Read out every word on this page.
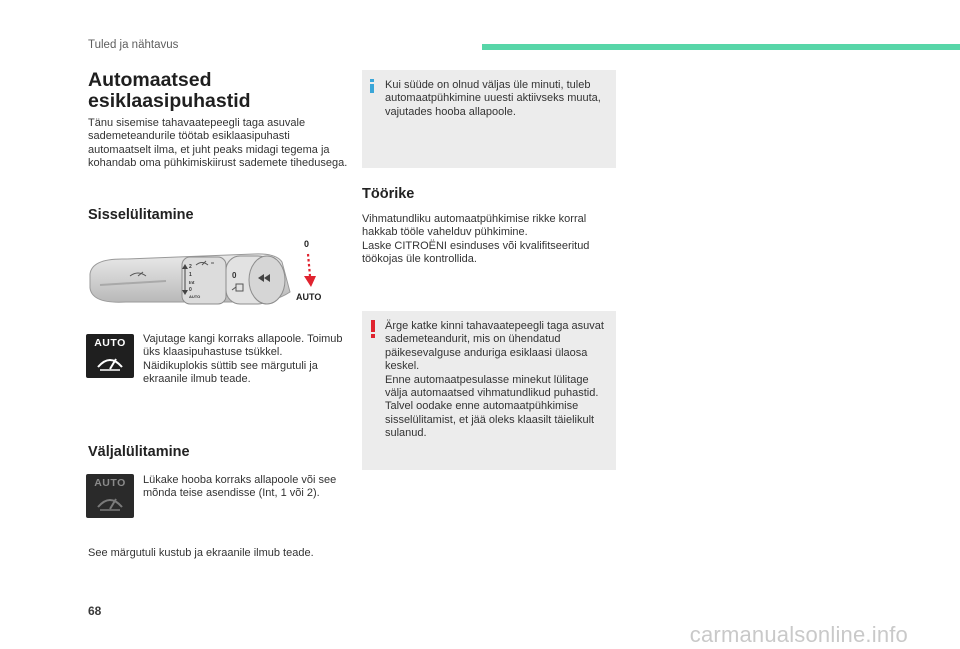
Tuled ja nähtavus
Automaatsed esiklaasipuhastid
Tänu sisemise tahavaatepeegli taga asuvale sademeteandurile töötab esiklaasipuhasti automaatselt ilma, et juht peaks midagi tegema ja kohandab oma pühkimiskiirust sademete tihedusega.
Sisselülitamine
2
1
Int
0
AUTO
0
0
AUTO
AUTO	Vajutage kangi korraks allapoole. Toimub üks klaasipuhastuse tsükkel. Näidikuplokis süttib see märgutuli ja ekraanile ilmub teade.
Väljalülitamine
AUTO	Lükake hooba korraks allapoole või see mõnda teise asendisse (Int, 1 või 2).
See märgutuli kustub ja ekraanile ilmub teade.
Kui süüde on olnud väljas üle minuti, tuleb automaatpühkimine uuesti aktiivseks muuta, vajutades hooba allapoole.
Töörike
Vihmatundliku automaatpühkimise rikke korral hakkab tööle vahelduv pühkimine.
Laske CITROËNI esinduses või kvalifitseeritud töökojas üle kontrollida.
Ärge katke kinni tahavaatepeegli taga asuvat sademeteandurit, mis on ühendatud päikesevalguse anduriga esiklaasi ülaosa keskel.
Enne automaatpesulasse minekut lülitage välja automaatsed vihmatundlikud puhastid.
Talvel oodake enne automaatpühkimise sisselülitamist, et jää oleks klaasilt täielikult sulanud.
68
carmanualsonline.info
